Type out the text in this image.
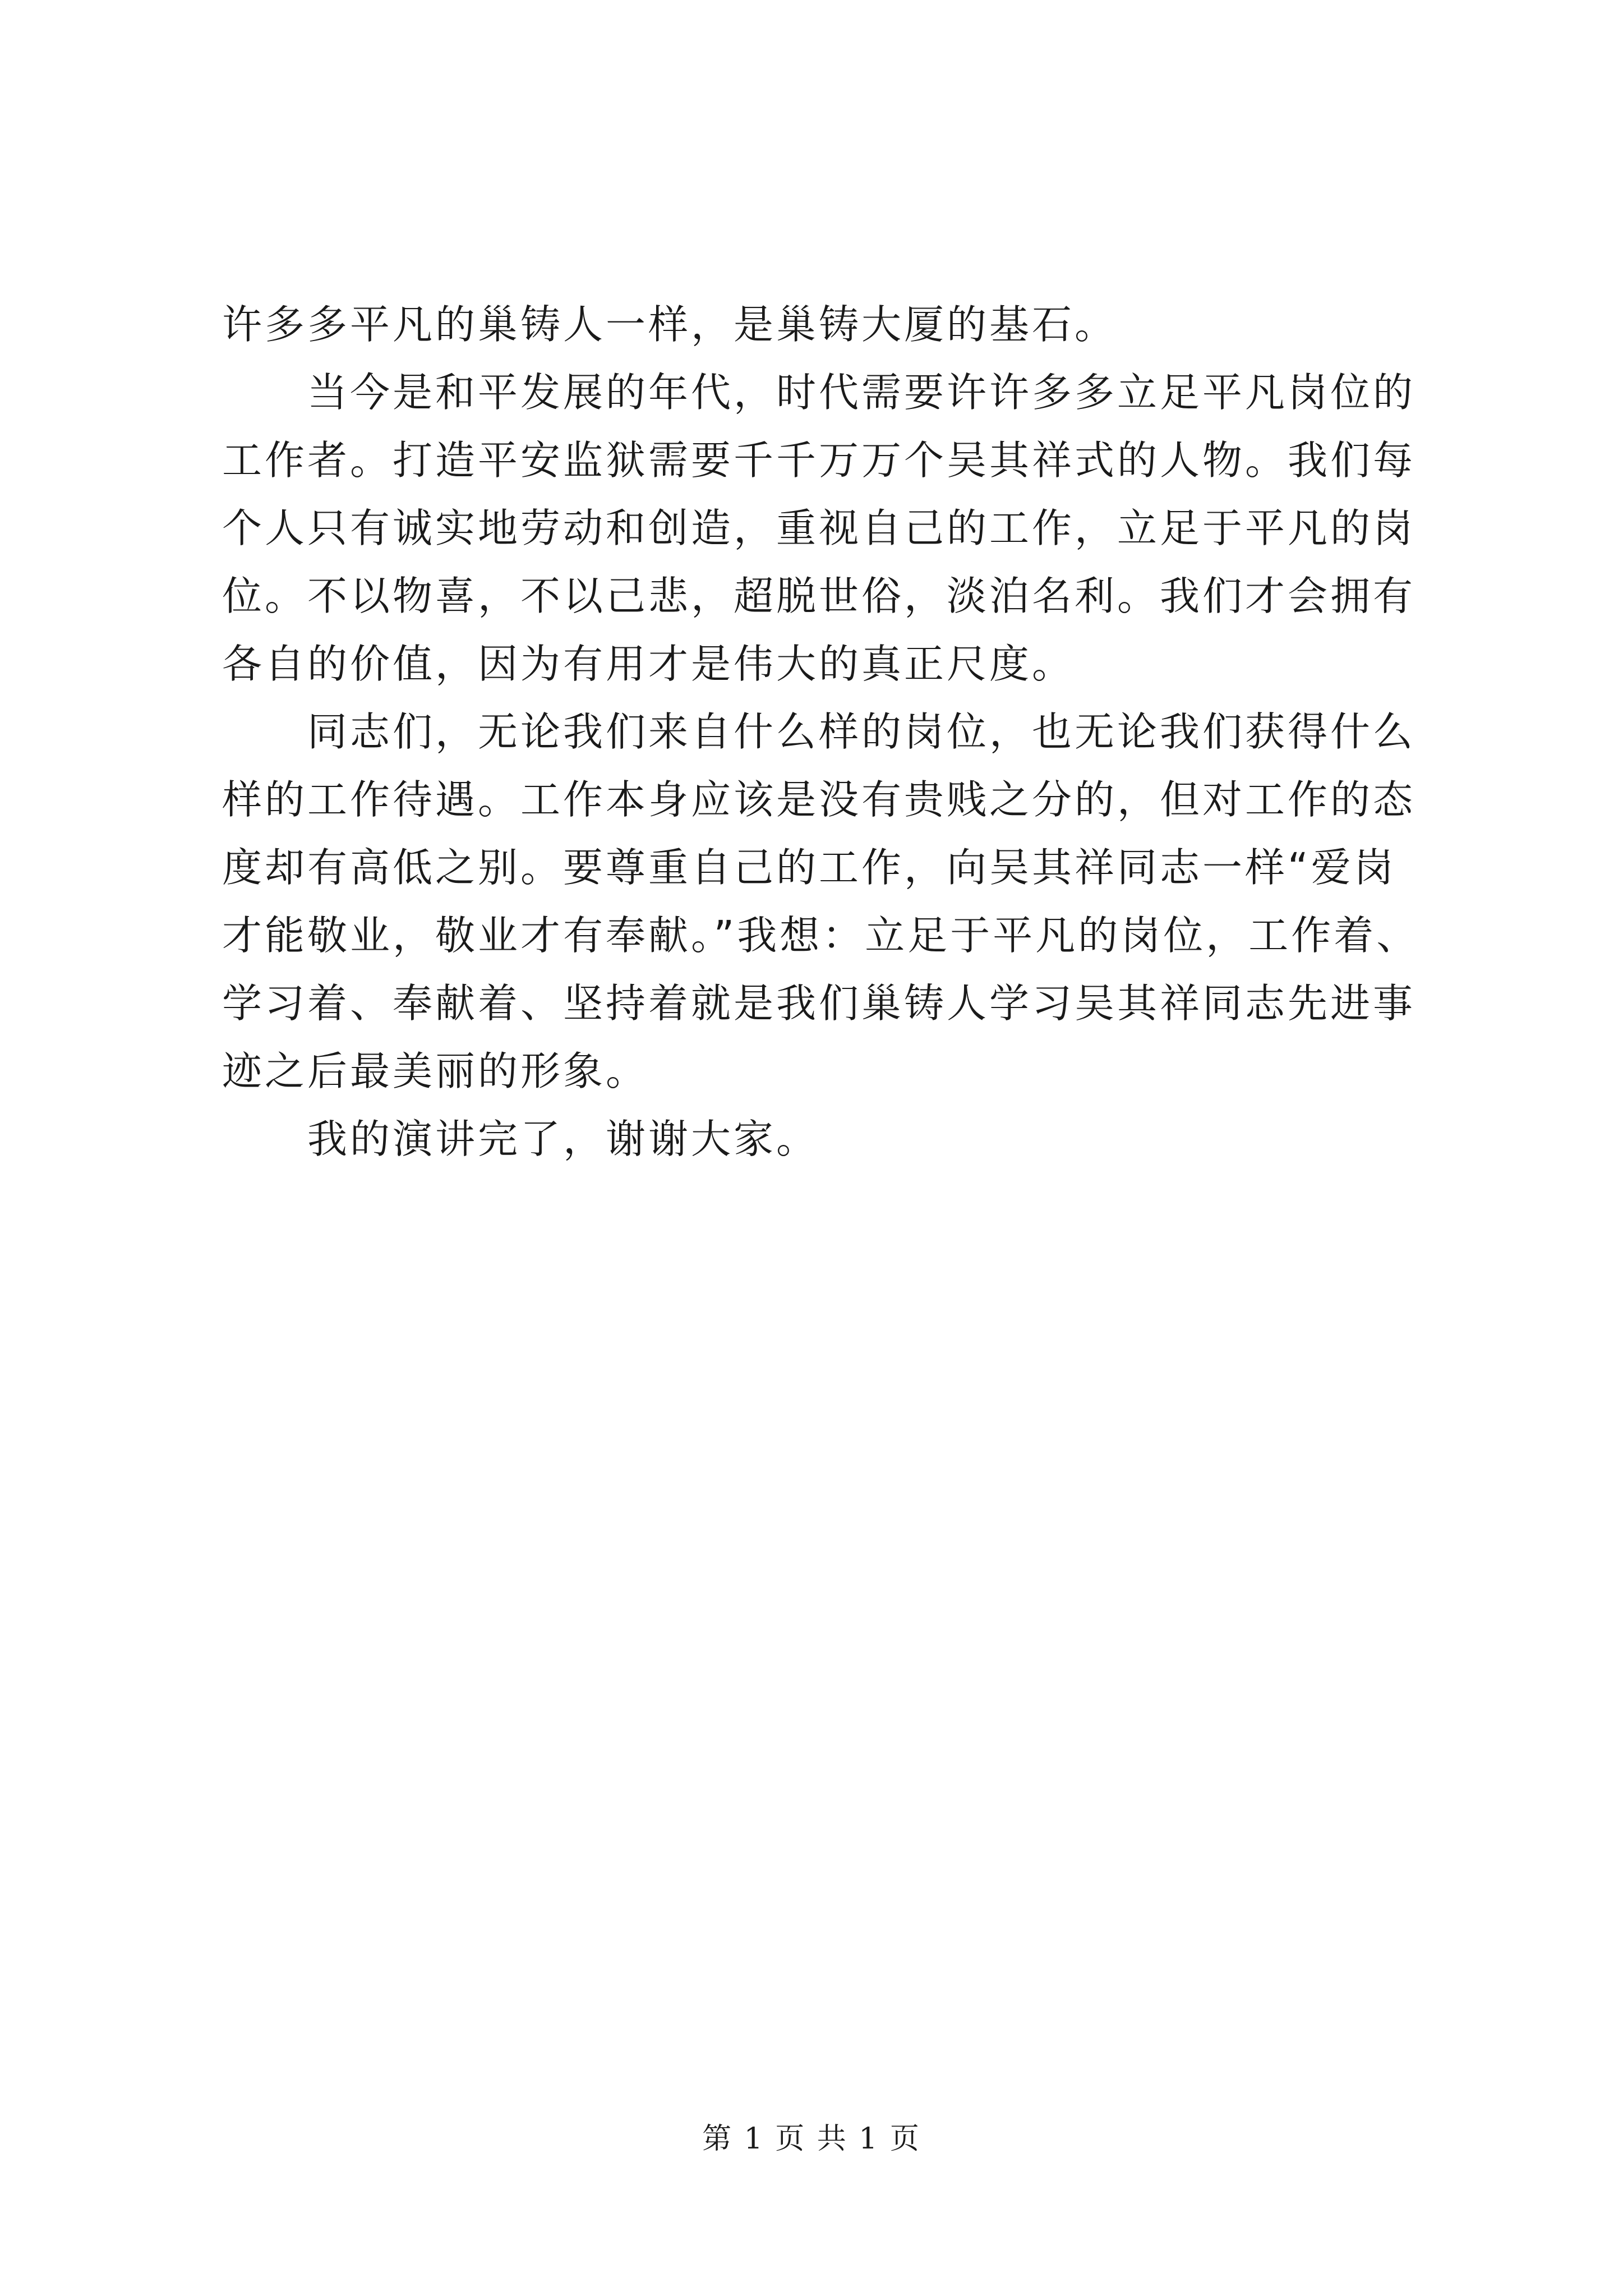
许多多平凡的巢铸人一样，是巢铸大厦的基石。
当今是和平发展的年代，时代需要许许多多立足平凡岗位的
工作者。打造平安监狱需要千千万万个吴其祥式的人物。我们每
个人只有诚实地劳动和创造，重视自己的工作，立足于平凡的岗
位。不以物喜，不以己悲，超脱世俗，淡泊名利。我们才会拥有
各自的价值，因为有用才是伟大的真正尺度。
同志们，无论我们来自什么样的岗位，也无论我们获得什么
样的工作待遇。工作本身应该是没有贵贱之分的，但对工作的态
度却有高低之别。要尊重自己的工作，向吴其祥同志一样“爱岗
才能敬业，敬业才有奉献。”我想：立足于平凡的岗位，工作着、
学习着、奉献着、坚持着就是我们巢铸人学习吴其祥同志先进事
迹之后最美丽的形象。
我的演讲完了，谢谢大家。
第 1 页 共 1 页
